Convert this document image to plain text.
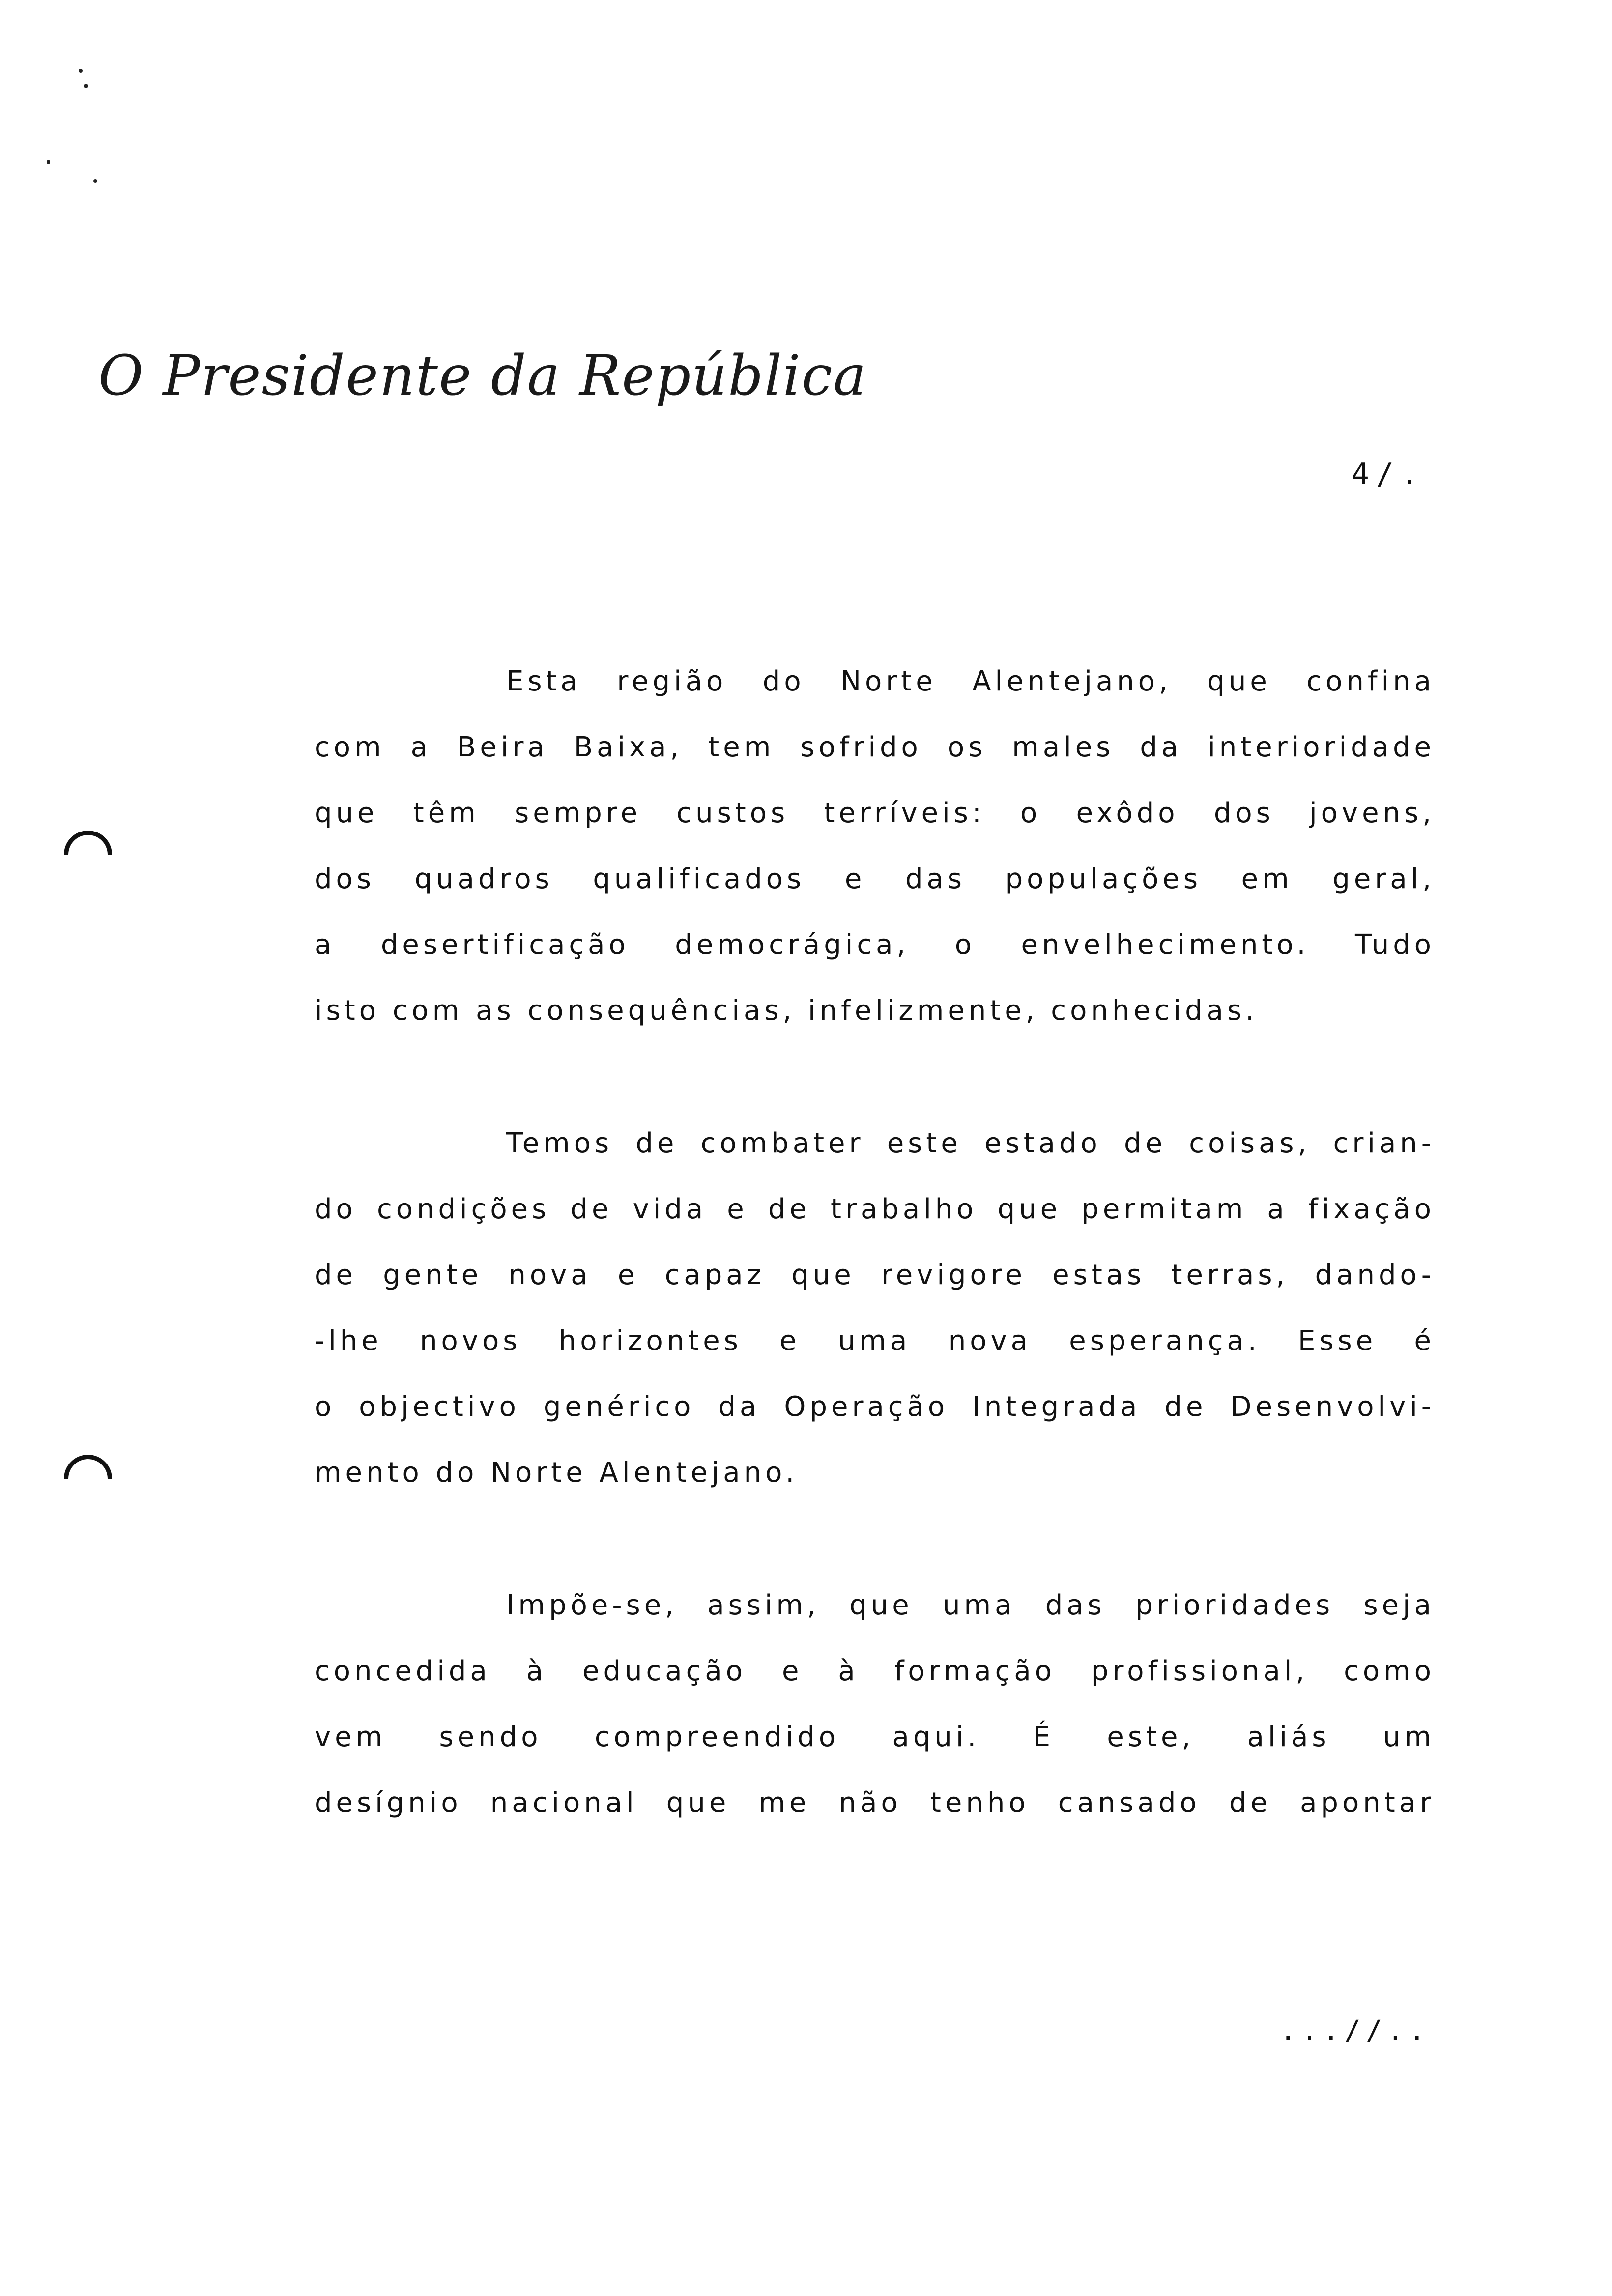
O Presidente da República
4/.
Esta região do Norte Alentejano, que confina
com a Beira Baixa, tem sofrido os males da interioridade
que têm sempre custos terríveis: o exôdo dos jovens,
dos quadros qualificados e das populações em geral,
a desertificação democrágica, o envelhecimento. Tudo
isto com as consequências, infelizmente, conhecidas.
Temos de combater este estado de coisas, crian-
do condições de vida e de trabalho que permitam a fixação
de gente nova e capaz que revigore estas terras, dando-
-lhe novos horizontes e uma nova esperança. Esse é
o objectivo genérico da Operação Integrada de Desenvolvi-
mento do Norte Alentejano.
Impõe-se, assim, que uma das prioridades seja
concedida à educação e à formação profissional, como
vem sendo compreendido aqui. É este, aliás um
desígnio nacional que me não tenho cansado de apontar
...//..
